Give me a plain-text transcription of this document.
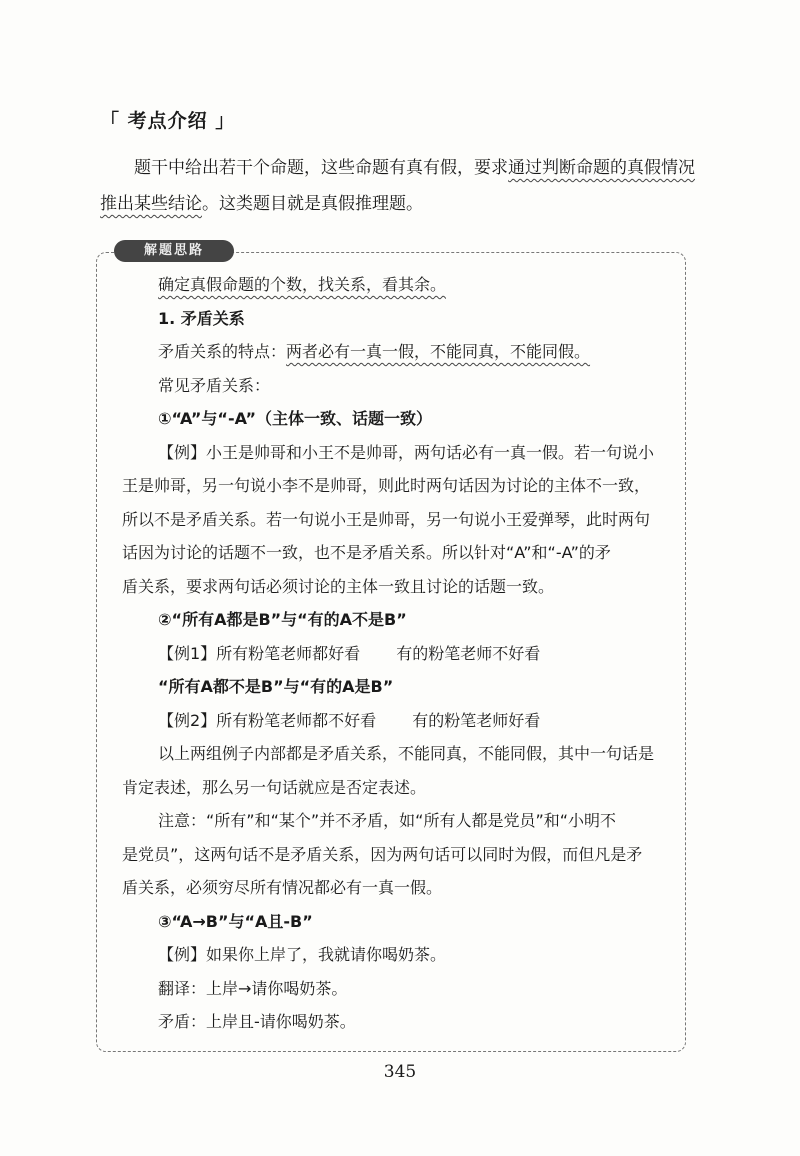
「 考点介绍 」
题干中给出若干个命题，这些命题有真有假，要求通过判断命题的真假情况推出某些结论。这类题目就是真假推理题。
解题思路

确定真假命题的个数，找关系，看其余。

1. 矛盾关系

矛盾关系的特点：两者必有一真一假，不能同真，不能同假。

常见矛盾关系：

①“A”与“-A”（主体一致、话题一致）

【例】小王是帅哥和小王不是帅哥，两句话必有一真一假。若一句说小

王是帅哥，另一句说小李不是帅哥，则此时两句话因为讨论的主体不一致，

所以不是矛盾关系。若一句说小王是帅哥，另一句说小王爱弹琴，此时两句

话因为讨论的话题不一致，也不是矛盾关系。所以针对“A”和“-A”的矛

盾关系，要求两句话必须讨论的主体一致且讨论的话题一致。

②“所有A都是B”与“有的A不是B”

【例1】所有粉笔老师都好看 有的粉笔老师不好看

“所有A都不是B”与“有的A是B”

【例2】所有粉笔老师都不好看 有的粉笔老师好看

以上两组例子内部都是矛盾关系，不能同真，不能同假，其中一句话是

肯定表述，那么另一句话就应是否定表述。

注意：“所有”和“某个”并不矛盾，如“所有人都是党员”和“小明不

是党员”，这两句话不是矛盾关系，因为两句话可以同时为假，而但凡是矛

盾关系，必须穷尽所有情况都必有一真一假。

③“A→B”与“A且-B”

【例】如果你上岸了，我就请你喝奶茶。

翻译：上岸→请你喝奶茶。

矛盾：上岸且-请你喝奶茶。

345
